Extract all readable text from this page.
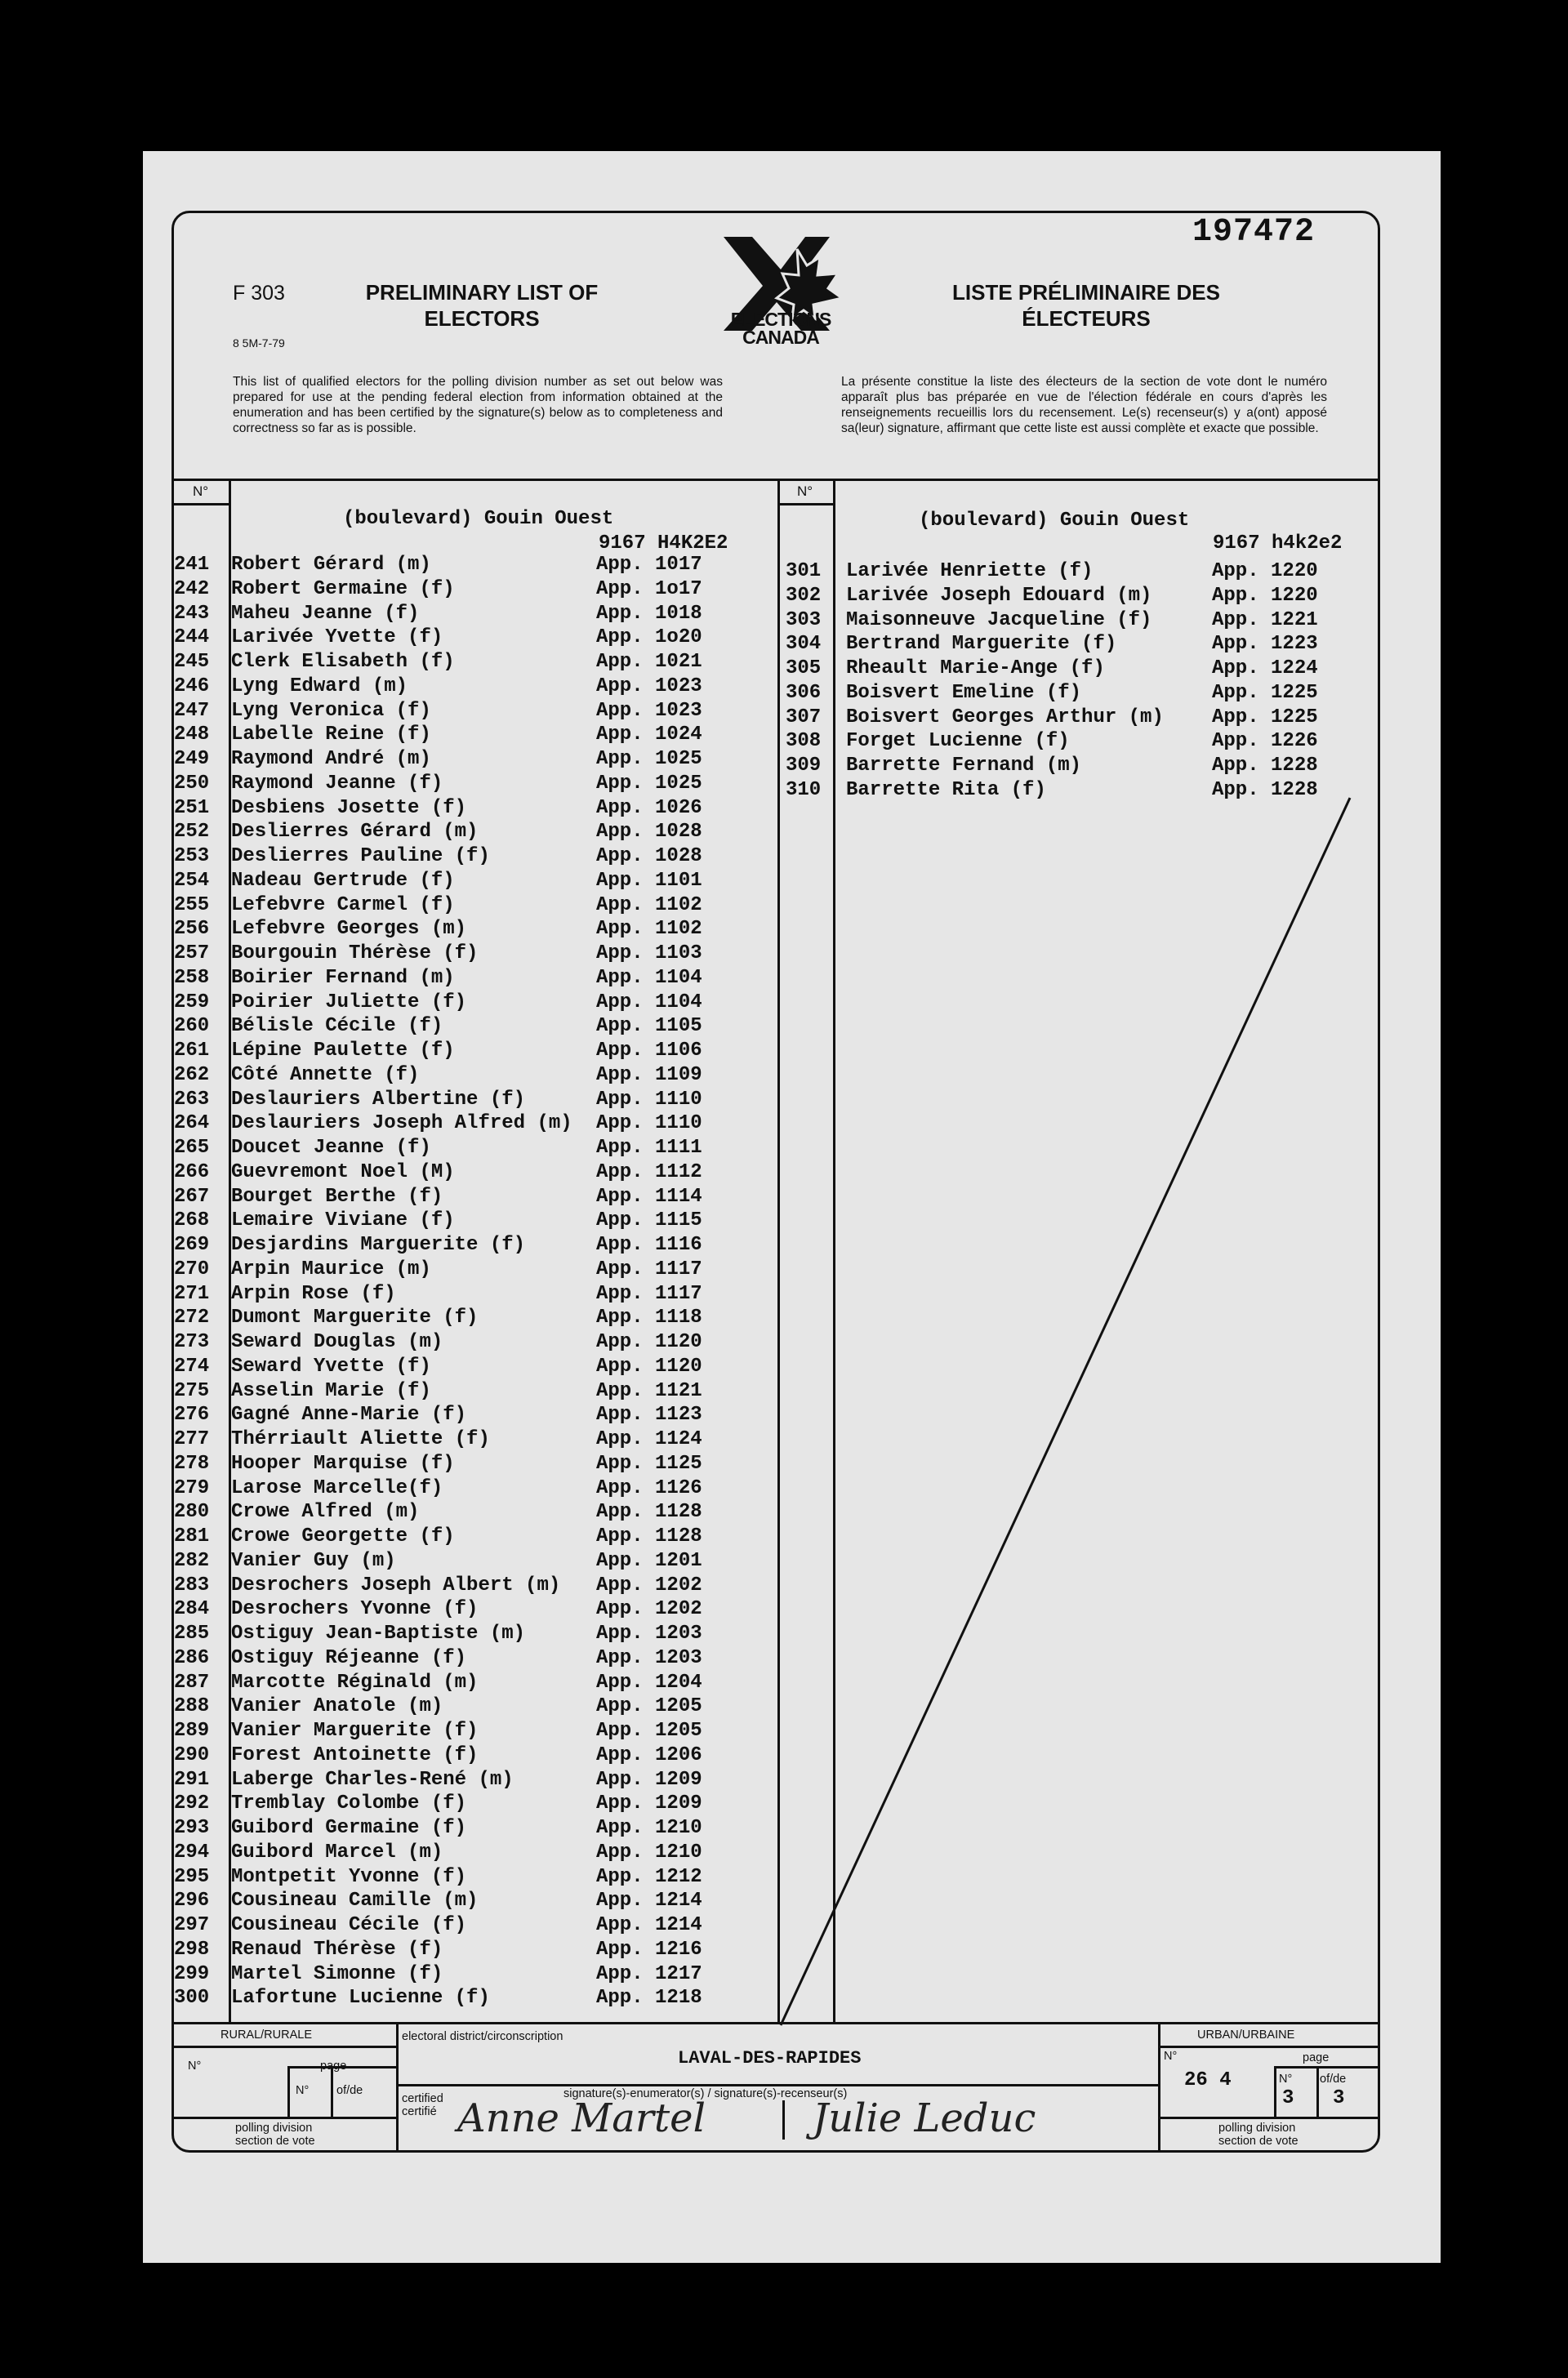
197472
F 303
8 5M-7-79
PRELIMINARY LIST OF ELECTORS
LISTE PRÉLIMINAIRE DES ÉLECTEURS
ELECTIONS
CANADA
This list of qualified electors for the polling division number as set out below was prepared for use at the pending federal election from information obtained at the enumeration and has been certified by the signature(s) below as to completeness and correctness so far as is possible.
La présente constitue la liste des électeurs de la section de vote dont le numéro apparaît plus bas préparée en vue de l'élection fédérale en cours d'après les renseignements recueillis lors du recensement. Le(s) recenseur(s) y a(ont) apposé sa(leur) signature, affirmant que cette liste est aussi complète et exacte que possible.
N°	N°
(boulevard) Gouin Ouest
9167 H4K2E2
241 Robert Gérard (m)	App. 1017
242 Robert Germaine (f)	App. 1o17
243 Maheu Jeanne (f)	App. 1018
244 Larivée Yvette (f)	App. 1o20
245 Clerk Elisabeth (f)	App. 1021
246 Lyng Edward (m)	App. 1023
247 Lyng Veronica (f)	App. 1023
248 Labelle Reine (f)	App. 1024
249 Raymond André (m)	App. 1025
250 Raymond Jeanne (f)	App. 1025
251 Desbiens Josette (f)	App. 1026
252 Deslierres Gérard (m)	App. 1028
253 Deslierres Pauline (f)	App. 1028
254 Nadeau Gertrude (f)	App. 1101
255 Lefebvre Carmel (f)	App. 1102
256 Lefebvre Georges (m)	App. 1102
257 Bourgouin Thérèse (f)	App. 1103
258 Boirier Fernand (m)	App. 1104
259 Poirier Juliette (f)	App. 1104
260 Bélisle Cécile (f)	App. 1105
261 Lépine Paulette (f)	App. 1106
262 Côté Annette (f)	App. 1109
263 Deslauriers Albertine (f)	App. 1110
264 Deslauriers Joseph Alfred (m) App. 1110
265 Doucet Jeanne (f)	App. 1111
266 Guevremont Noel (M)	App. 1112
267 Bourget Berthe (f)	App. 1114
268 Lemaire Viviane (f)	App. 1115
269 Desjardins Marguerite (f)	App. 1116
270 Arpin Maurice (m)	App. 1117
271 Arpin Rose (f)	App. 1117
272 Dumont Marguerite (f)	App. 1118
273 Seward Douglas (m)	App. 1120
274 Seward Yvette (f)	App. 1120
275 Asselin Marie (f)	App. 1121
276 Gagné Anne-Marie (f)	App. 1123
277 Thérriault Aliette (f)	App. 1124
278 Hooper Marquise (f)	App. 1125
279 Larose Marcelle(f)	App. 1126
280 Crowe Alfred (m)	App. 1128
281 Crowe Georgette (f)	App. 1128
282 Vanier Guy (m)	App. 1201
283 Desrochers Joseph Albert (m) App. 1202
284 Desrochers Yvonne (f)	App. 1202
285 Ostiguy Jean-Baptiste (m)	App. 1203
286 Ostiguy Réjeanne (f)	App. 1203
287 Marcotte Réginald (m)	App. 1204
288 Vanier Anatole (m)	App. 1205
289 Vanier Marguerite (f)	App. 1205
290 Forest Antoinette (f)	App. 1206
291 Laberge Charles-René (m)	App. 1209
292 Tremblay Colombe (f)	App. 1209
293 Guibord Germaine (f)	App. 1210
294 Guibord Marcel (m)	App. 1210
295 Montpetit Yvonne (f)	App. 1212
296 Cousineau Camille (m)	App. 1214
297 Cousineau Cécile (f)	App. 1214
298 Renaud Thérèse (f)	App. 1216
299 Martel Simonne (f)	App. 1217
300 Lafortune Lucienne (f)	App. 1218
(boulevard) Gouin Ouest
9167 h4k2e2
301 Larivée Henriette (f)	App. 1220
302 Larivée Joseph Edouard (m)	App. 1220
303 Maisonneuve Jacqueline (f)	App. 1221
304 Bertrand Marguerite (f)	App. 1223
305 Rheault Marie-Ange (f)	App. 1224
306 Boisvert Emeline (f)	App. 1225
307 Boisvert Georges Arthur (m) App. 1225
308 Forget Lucienne (f)	App. 1226
309 Barrette Fernand (m)	App. 1228
310 Barrette Rita (f)	App. 1228
RURAL/RURALE
N°	page
N° of/de
polling division
section de vote
electoral district/circonscription
LAVAL-DES-RAPIDES
certified
certifié
signature(s)-enumerator(s) / signature(s)-recenseur(s)
Anne Martel	Julie Leduc
URBAN/URBAINE
N°
26 4
page
N°
3
of/de
3
polling division
section de vote
